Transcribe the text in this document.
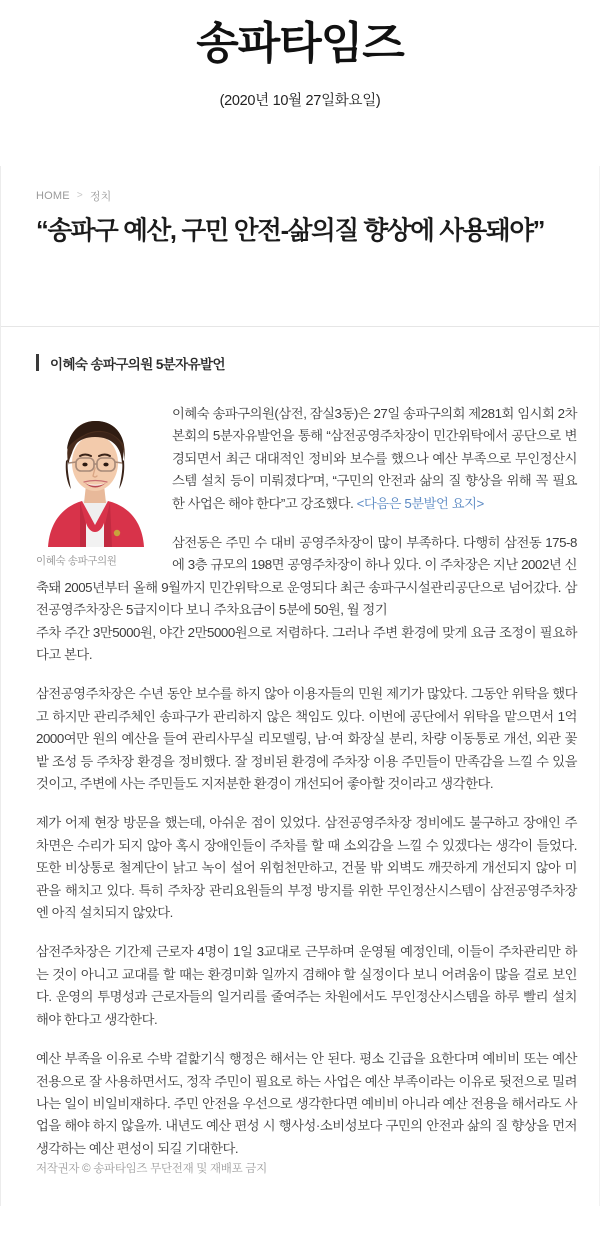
송파타임즈
(2020년 10월 27일화요일)
HOME > 정치
“송파구 예산, 구민 안전-삶의질 향상에 사용돼야”
이혜숙 송파구의원 5분자유발언
이혜숙 송파구의원

이혜숙 송파구의원(삼전, 잠실3동)은 27일 송파구의회 제281회 임시회 2차 본회의 5분자유발언을 통해 “삼전공영주차장이 민간위탁에서 공단으로 변경되면서 최근 대대적인 정비와 보수를 했으나 예산 부족으로 무인정산시스템 설치 등이 미뤄졌다”며, “구민의 안전과 삶의 질 향상을 위해 꼭 필요한 사업은 해야 한다”고 강조했다. <다음은 5분발언 요지>

삼전동은 주민 수 대비 공영주차장이 많이 부족하다. 다행히 삼전동 175-8에 3층 규모의 198면 공영주차장이 하나 있다. 이 주차장은 지난 2002년 신축돼 2005년부터 올해 9월까지 민간위탁으로 운영되다 최근 송파구시설관리공단으로 넘어갔다. 삼전공영주차장은 5급지이다 보니 주차요금이 5분에 50원, 월 정기
주차 주간 3만5000원, 야간 2만5000원으로 저렴하다. 그러나 주변 환경에 맞게 요금 조정이 필요하다고 본다.

삼전공영주차장은 수년 동안 보수를 하지 않아 이용자들의 민원 제기가 많았다. 그동안 위탁을 했다고 하지만 관리주체인 송파구가 관리하지 않은 책임도 있다. 이번에 공단에서 위탁을 맡으면서 1억 2000여만 원의 예산을 들여 관리사무실 리모델링, 남·여 화장실 분리, 차량 이동통로 개선, 외관 꽃밭 조성 등 주차장 환경을 정비했다. 잘 정비된 환경에 주차장 이용 주민들이 만족감을 느낄 수 있을 것이고, 주변에 사는 주민들도 지저분한 환경이 개선되어 좋아할 것이라고 생각한다.

제가 어제 현장 방문을 했는데, 아쉬운 점이 있었다. 삼전공영주차장 정비에도 불구하고 장애인 주차면은 수리가 되지 않아 혹시 장애인들이 주차를 할 때 소외감을 느낄 수 있겠다는 생각이 들었다. 또한 비상통로 철계단이 낡고 녹이 설어 위험천만하고, 건물 밖 외벽도 깨끗하게 개선되지 않아 미관을 해치고 있다. 특히 주차장 관리요원들의 부정 방지를 위한 무인정산시스템이 삼전공영주차장엔 아직 설치되지 않았다.

삼전주차장은 기간제 근로자 4명이 1일 3교대로 근무하며 운영될 예정인데, 이들이 주차관리만 하는 것이 아니고 교대를 할 때는 환경미화 일까지 겸해야 할 실정이다 보니 어려움이 많을 걸로 보인다. 운영의 투명성과 근로자들의 일거리를 줄여주는 차원에서도 무인정산시스템을 하루 빨리 설치해야 한다고 생각한다.

예산 부족을 이유로 수박 겉핥기식 행정은 해서는 안 된다. 평소 긴급을 요한다며 예비비 또는 예산 전용으로 잘 사용하면서도, 정작 주민이 필요로 하는 사업은 예산 부족이라는 이유로 뒷전으로 밀려나는 일이 비일비재하다. 주민 안전을 우선으로 생각한다면 예비비 아니라 예산 전용을 해서라도 사업을 해야 하지 않을까. 내년도 예산 편성 시 행사성·소비성보다 구민의 안전과 삶의 질 향상을 먼저 생각하는 예산 편성이 되길 기대한다.

저작권자 © 송파타임즈 무단전재 및 재배포 금지
